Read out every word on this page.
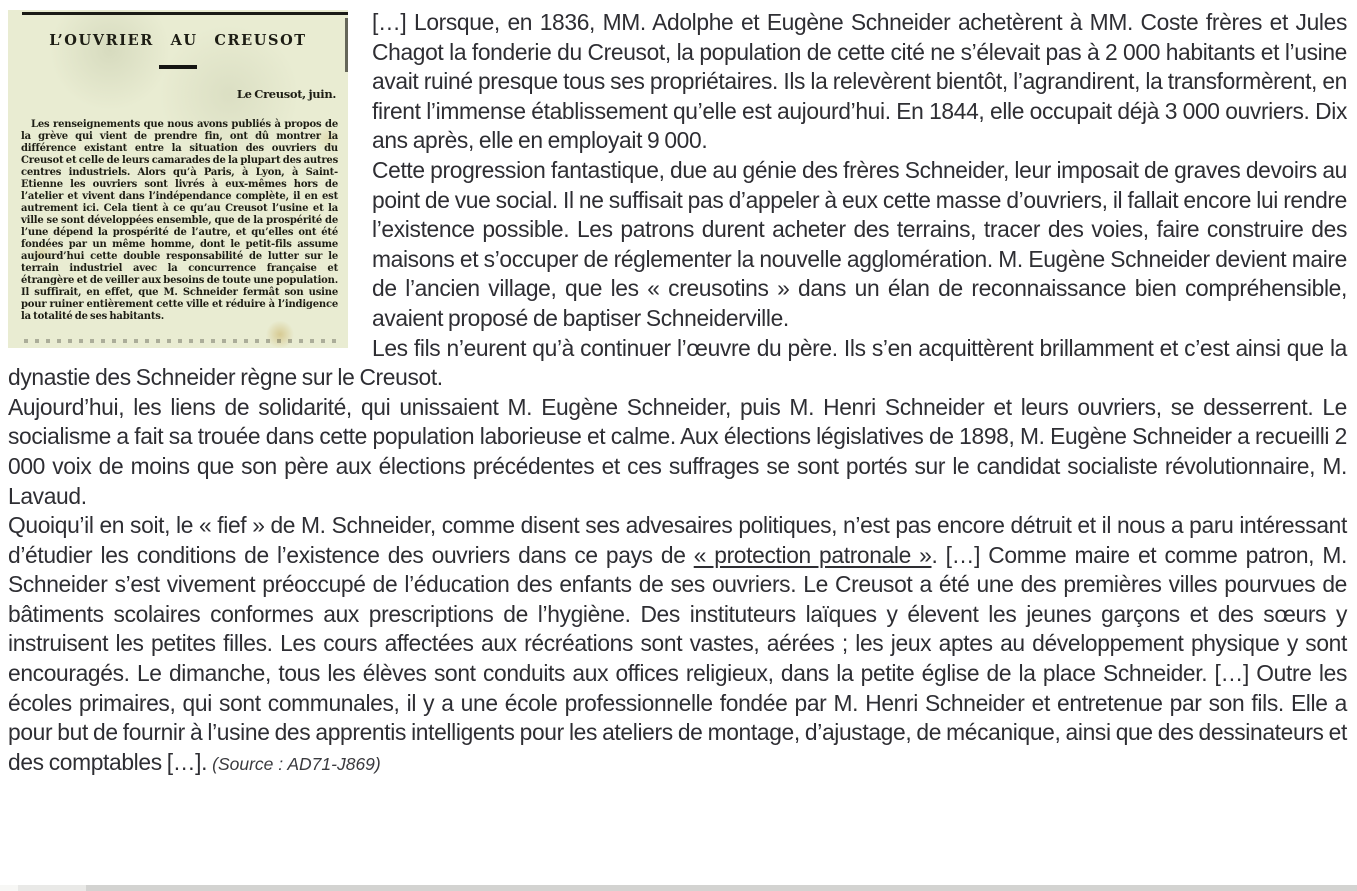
L’OUVRIER AU CREUSOT
Le Creusot, juin.
Les renseignements que nous avons publiés à propos de la grève qui vient de prendre fin, ont dû montrer la différence existant entre la situation des ouvriers du Creusot et celle de leurs camarades de la plupart des autres centres industriels. Alors qu’à Paris, à Lyon, à Saint-Etienne les ouvriers sont livrés à eux-mêmes hors de l’atelier et vivent dans l’indépendance complète, il en est autrement ici. Cela tient à ce qu’au Creusot l’usine et la ville se sont développées ensemble, que de la prospérité de l’une dépend la prospérité de l’autre, et qu’elles ont été fondées par un même homme, dont le petit-fils assume aujourd’hui cette double responsabilité de lutter sur le terrain industriel avec la concurrence française et étrangère et de veiller aux besoins de toute une population. Il suffirait, en effet, que M. Schneider fermât son usine pour ruiner entièrement cette ville et réduire à l’indigence la totalité de ses habitants.
[…] Lorsque, en 1836, MM. Adolphe et Eugène Schneider achetèrent à MM. Coste frères et Jules Chagot la fonderie du Creusot, la population de cette cité ne s’élevait pas à 2 000 habitants et l’usine avait ruiné presque tous ses propriétaires. Ils la relevèrent bientôt, l’agrandirent, la transformèrent, en firent l’immense établissement qu’elle est aujourd’hui. En 1844, elle occupait déjà 3 000 ouvriers. Dix ans après, elle en employait 9 000.
Cette progression fantastique, due au génie des frères Schneider, leur imposait de graves devoirs au point de vue social. Il ne suffisait pas d’appeler à eux cette masse d’ouvriers, il fallait encore lui rendre l’existence possible. Les patrons durent acheter des terrains, tracer des voies, faire construire des maisons et s’occuper de réglementer la nouvelle agglomération. M. Eugène Schneider devient maire de l’ancien village, que les « creusotins » dans un élan de reconnaissance bien compréhensible, avaient proposé de baptiser Schneiderville.
Les fils n’eurent qu’à continuer l’œuvre du père. Ils s’en acquittèrent brillamment et c’est ainsi que la dynastie des Schneider règne sur le Creusot.
Aujourd’hui, les liens de solidarité, qui unissaient M. Eugène Schneider, puis M. Henri Schneider et leurs ouvriers, se desserrent. Le socialisme a fait sa trouée dans cette population laborieuse et calme. Aux élections législatives de 1898, M. Eugène Schneider a recueilli 2 000 voix de moins que son père aux élections précédentes et ces suffrages se sont portés sur le candidat socialiste révolutionnaire, M. Lavaud.
Quoiqu’il en soit, le « fief » de M. Schneider, comme disent ses advesaires politiques, n’est pas encore détruit et il nous a paru intéressant d’étudier les conditions de l’existence des ouvriers dans ce pays de « protection patronale ». […] Comme maire et comme patron, M. Schneider s’est vivement préoccupé de l’éducation des enfants de ses ouvriers. Le Creusot a été une des premières villes pourvues de bâtiments scolaires conformes aux prescriptions de l’hygiène. Des instituteurs laïques y élevent les jeunes garçons et des sœurs y instruisent les petites filles. Les cours affectées aux récréations sont vastes, aérées ; les jeux aptes au développement physique y sont encouragés. Le dimanche, tous les élèves sont conduits aux offices religieux, dans la petite église de la place Schneider. […] Outre les écoles primaires, qui sont communales, il y a une école professionnelle fondée par M. Henri Schneider et entretenue par son fils. Elle a pour but de fournir à l’usine des apprentis intelligents pour les ateliers de montage, d’ajustage, de mécanique, ainsi que des dessinateurs et des comptables […]. (Source : AD71-J869)
